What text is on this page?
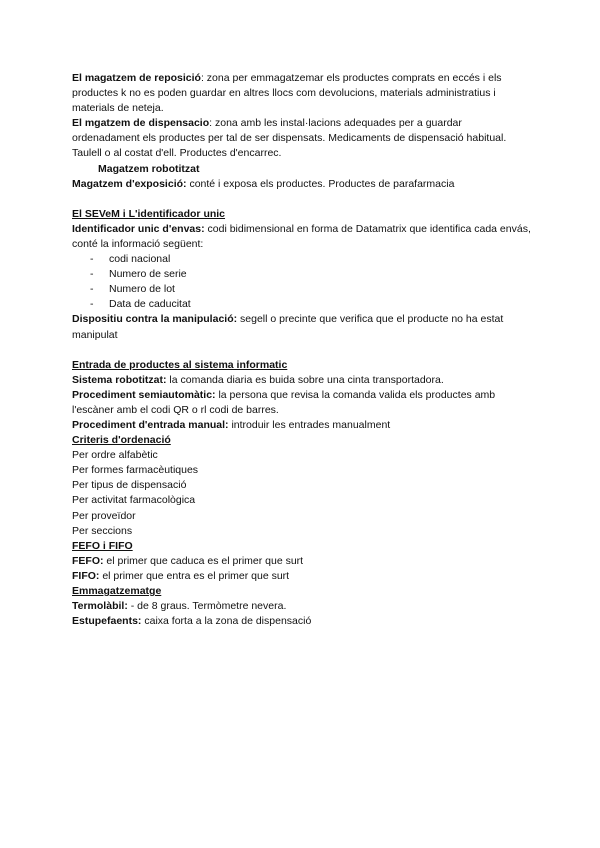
El magatzem de reposició: zona per emmagatzemar els productes comprats en eccés i els productes k no es poden guardar en altres llocs com devolucions, materials administratius i materials de neteja.

El mgatzem de dispensacio: zona amb les instal·lacions adequades per a guardar ordenadament els productes per tal de ser dispensats. Medicaments de dispensació habitual. Taulell o al costat d'ell. Productes d'encarrec.

Magatzem robotitzat

Magatzem d'exposició: conté i exposa els productes. Productes de parafarmacia

El SEVeM i L'identificador unic

Identificador unic d'envas: codi bidimensional en forma de Datamatrix que identifica cada envás, conté la informació següent:

- codi nacional
- Numero de serie
- Numero de lot
- Data de caducitat

Dispositiu contra la manipulació: segell o precinte que verifica que el producte no ha estat manipulat

Entrada de productes al sistema informatic

Sistema robotitzat: la comanda diaria es buida sobre una cinta transportadora.

Procediment semiautomàtic: la persona que revisa la comanda valida els productes amb l'escàner amb el codi QR o rl codi de barres.

Procediment d'entrada manual: introduir les entrades manualment

Criteris d'ordenació

Per ordre alfabètic

Per formes farmacèutiques

Per tipus de dispensació

Per activitat farmacològica

Per proveïdor

Per seccions

FEFO i FIFO

FEFO: el primer que caduca es el primer que surt

FIFO: el primer que entra es el primer que surt

Emmagatzematge

Termolàbil: - de 8 graus. Termòmetre nevera.

Estupefaents: caixa forta a la zona de dispensació
